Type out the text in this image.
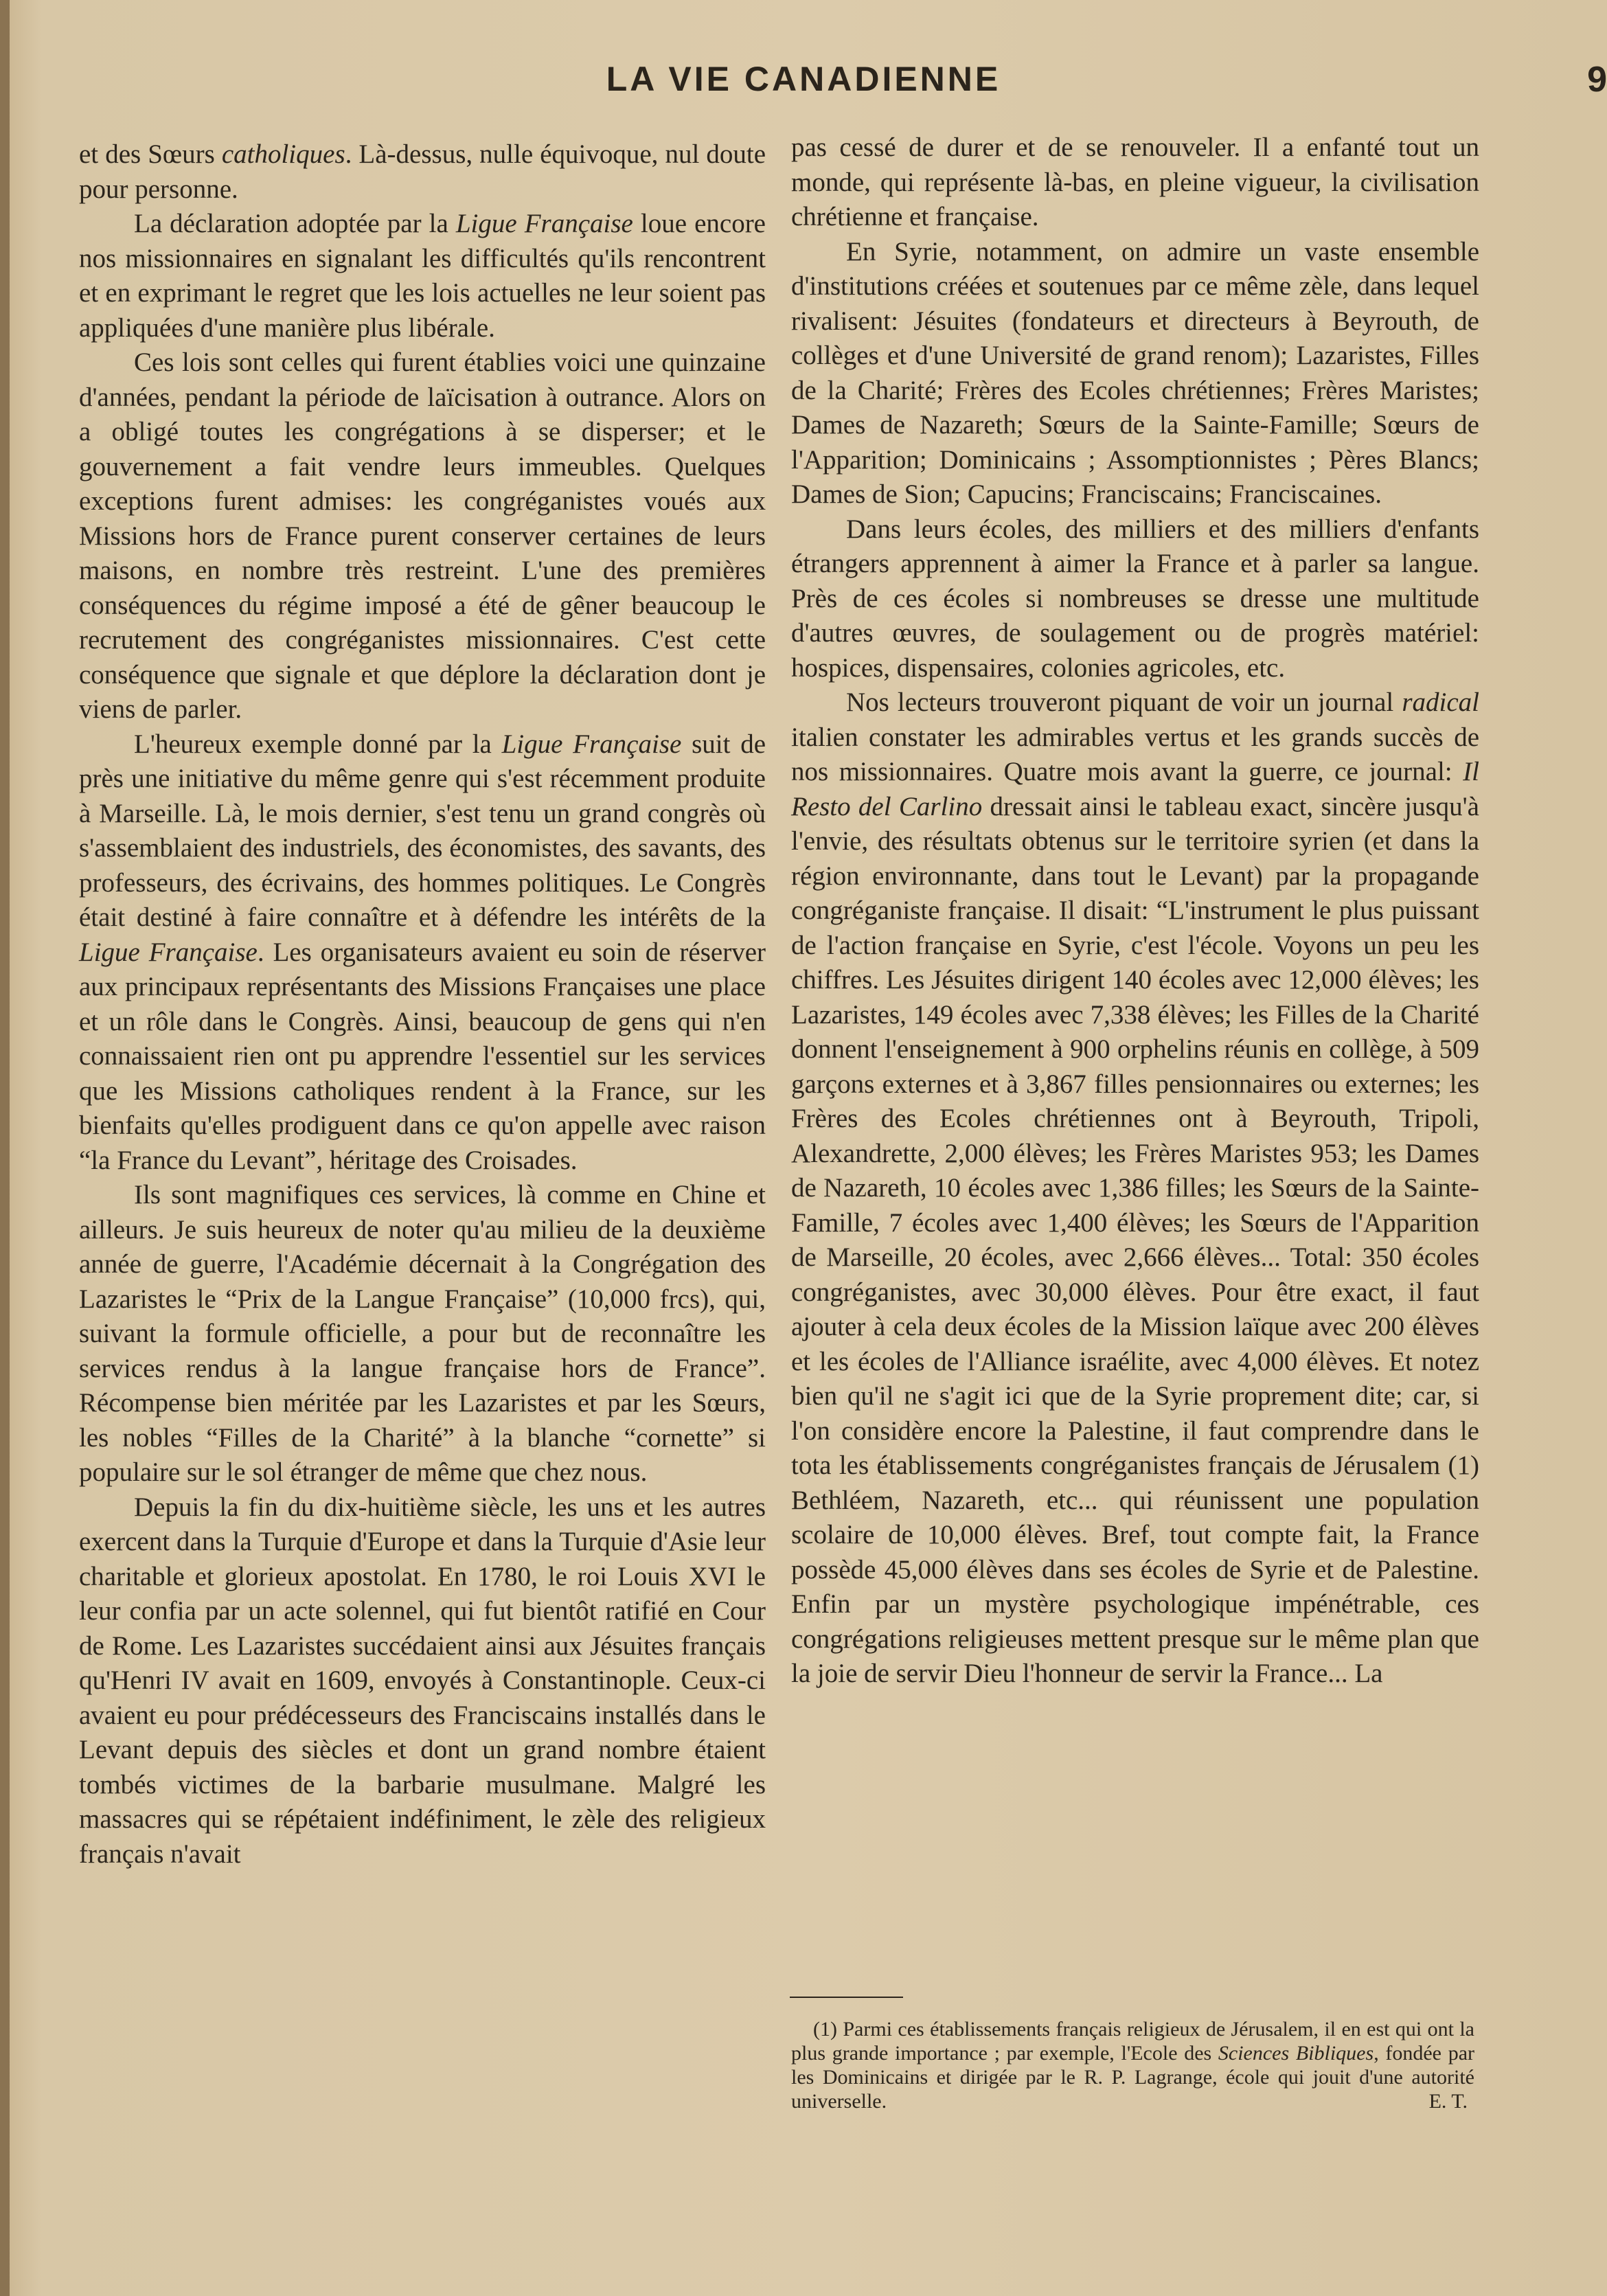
LA VIE CANADIENNE	9

et des Sœurs catholiques. Là-dessus, nulle équivoque, nul doute pour personne.

La déclaration adoptée par la Ligue Française loue encore nos missionnaires en signalant les difficultés qu'ils rencontrent et en exprimant le regret que les lois actuelles ne leur soient pas appliquées d'une manière plus libérale.

Ces lois sont celles qui furent établies voici une quinzaine d'années, pendant la période de laïcisation à outrance. Alors on a obligé toutes les congrégations à se disperser; et le gouvernement a fait vendre leurs immeubles. Quelques exceptions furent admises: les congréganistes voués aux Missions hors de France purent conserver certaines de leurs maisons, en nombre très restreint. L'une des premières conséquences du régime imposé a été de gêner beaucoup le recrutement des congréganistes missionnaires. C'est cette conséquence que signale et que déplore la déclaration dont je viens de parler.

L'heureux exemple donné par la Ligue Française suit de près une initiative du même genre qui s'est récemment produite à Marseille. Là, le mois dernier, s'est tenu un grand congrès où s'assemblaient des industriels, des économistes, des savants, des professeurs, des écrivains, des hommes politiques. Le Congrès était destiné à faire connaître et à défendre les intérêts de la Ligue Française. Les organisateurs avaient eu soin de réserver aux principaux représentants des Missions Françaises une place et un rôle dans le Congrès. Ainsi, beaucoup de gens qui n'en connaissaient rien ont pu apprendre l'essentiel sur les services que les Missions catholiques rendent à la France, sur les bienfaits qu'elles prodiguent dans ce qu'on appelle avec raison “la France du Levant”, héritage des Croisades.

Ils sont magnifiques ces services, là comme en Chine et ailleurs. Je suis heureux de noter qu'au milieu de la deuxième année de guerre, l'Académie décernait à la Congrégation des Lazaristes le “Prix de la Langue Française” (10,000 frcs), qui, suivant la formule officielle, a pour but de reconnaître les services rendus à la langue française hors de France”. Récompense bien méritée par les Lazaristes et par les Sœurs, les nobles “Filles de la Charité” à la blanche “cornette” si populaire sur le sol étranger de même que chez nous.

Depuis la fin du dix-huitième siècle, les uns et les autres exercent dans la Turquie d'Europe et dans la Turquie d'Asie leur charitable et glorieux apostolat. En 1780, le roi Louis XVI le leur confia par un acte solennel, qui fut bientôt ratifié en Cour de Rome. Les Lazaristes succédaient ainsi aux Jésuites français qu'Henri IV avait en 1609, envoyés à Constantinople. Ceux-ci avaient eu pour prédécesseurs des Franciscains installés dans le Levant depuis des siècles et dont un grand nombre étaient tombés victimes de la barbarie musulmane. Malgré les massacres qui se répétaient indéfiniment, le zèle des religieux français n'avait

pas cessé de durer et de se renouveler. Il a enfanté tout un monde, qui représente là-bas, en pleine vigueur, la civilisation chrétienne et française.

En Syrie, notamment, on admire un vaste ensemble d'institutions créées et soutenues par ce même zèle, dans lequel rivalisent: Jésuites (fondateurs et directeurs à Beyrouth, de collèges et d'une Université de grand renom); Lazaristes, Filles de la Charité; Frères des Ecoles chrétiennes; Frères Maristes; Dames de Nazareth; Sœurs de la Sainte-Famille; Sœurs de l'Apparition; Dominicains ; Assomptionnistes ; Pères Blancs; Dames de Sion; Capucins; Franciscains; Franciscaines.

Dans leurs écoles, des milliers et des milliers d'enfants étrangers apprennent à aimer la France et à parler sa langue. Près de ces écoles si nombreuses se dresse une multitude d'autres œuvres, de soulagement ou de progrès matériel: hospices, dispensaires, colonies agricoles, etc.

Nos lecteurs trouveront piquant de voir un journal radical italien constater les admirables vertus et les grands succès de nos missionnaires. Quatre mois avant la guerre, ce journal: Il Resto del Carlino dressait ainsi le tableau exact, sincère jusqu'à l'envie, des résultats obtenus sur le territoire syrien (et dans la région environnante, dans tout le Levant) par la propagande congréganiste française. Il disait: “L'instrument le plus puissant de l'action française en Syrie, c'est l'école. Voyons un peu les chiffres. Les Jésuites dirigent 140 écoles avec 12,000 élèves; les Lazaristes, 149 écoles avec 7,338 élèves; les Filles de la Charité donnent l'enseignement à 900 orphelins réunis en collège, à 509 garçons externes et à 3,867 filles pensionnaires ou externes; les Frères des Ecoles chrétiennes ont à Beyrouth, Tripoli, Alexandrette, 2,000 élèves; les Frères Maristes 953; les Dames de Nazareth, 10 écoles avec 1,386 filles; les Sœurs de la Sainte-Famille, 7 écoles avec 1,400 élèves; les Sœurs de l'Apparition de Marseille, 20 écoles, avec 2,666 élèves... Total: 350 écoles congréganistes, avec 30,000 élèves. Pour être exact, il faut ajouter à cela deux écoles de la Mission laïque avec 200 élèves et les écoles de l'Alliance israélite, avec 4,000 élèves. Et notez bien qu'il ne s'agit ici que de la Syrie proprement dite; car, si l'on considère encore la Palestine, il faut comprendre dans le tota les établissements congréganistes français de Jérusalem (1) Bethléem, Nazareth, etc... qui réunissent une population scolaire de 10,000 élèves. Bref, tout compte fait, la France possède 45,000 élèves dans ses écoles de Syrie et de Palestine. Enfin par un mystère psychologique impénétrable, ces congrégations religieuses mettent presque sur le même plan que la joie de servir Dieu l'honneur de servir la France... La

(1) Parmi ces établissements français religieux de Jérusalem, il en est qui ont la plus grande importance ; par exemple, l'Ecole des Sciences Bibliques, fondée par les Dominicains et dirigée par le R. P. Lagrange, école qui jouit d'une autorité universelle.	E. T.
